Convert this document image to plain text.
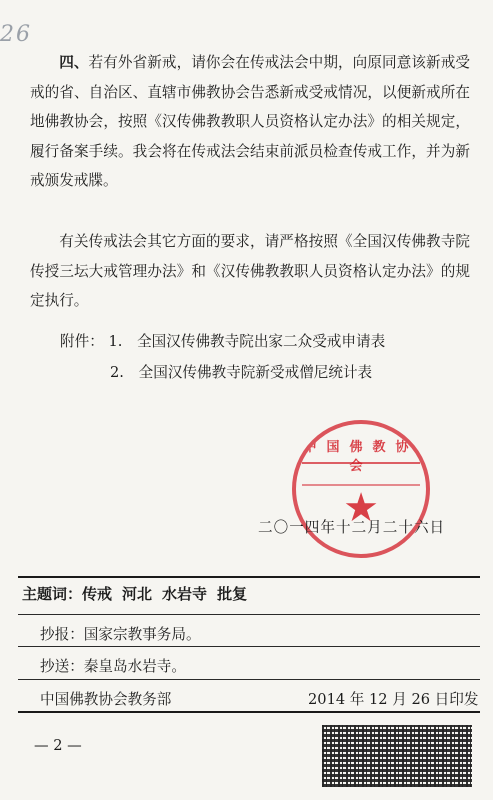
26

四、若有外省新戒，请你会在传戒法会中期，向原同意该新戒受戒的省、自治区、直辖市佛教协会告悉新戒受戒情况，以便新戒所在地佛教协会，按照《汉传佛教教职人员资格认定办法》的相关规定，履行备案手续。我会将在传戒法会结束前派员检查传戒工作，并为新戒颁发戒牒。

有关传戒法会其它方面的要求，请严格按照《全国汉传佛教寺院传授三坛大戒管理办法》和《汉传佛教教职人员资格认定办法》的规定执行。

附件： 1. 全国汉传佛教寺院出家二众受戒申请表
2. 全国汉传佛教寺院新受戒僧尼统计表
中国佛教协会
★
二〇一四年十二月二十六日
主题词：传戒 河北 水岩寺 批复
抄报：国家宗教事务局。
抄送：秦皇岛水岩寺。
中国佛教协会教务部	2014 年 12 月 26 日印发
— 2 —
